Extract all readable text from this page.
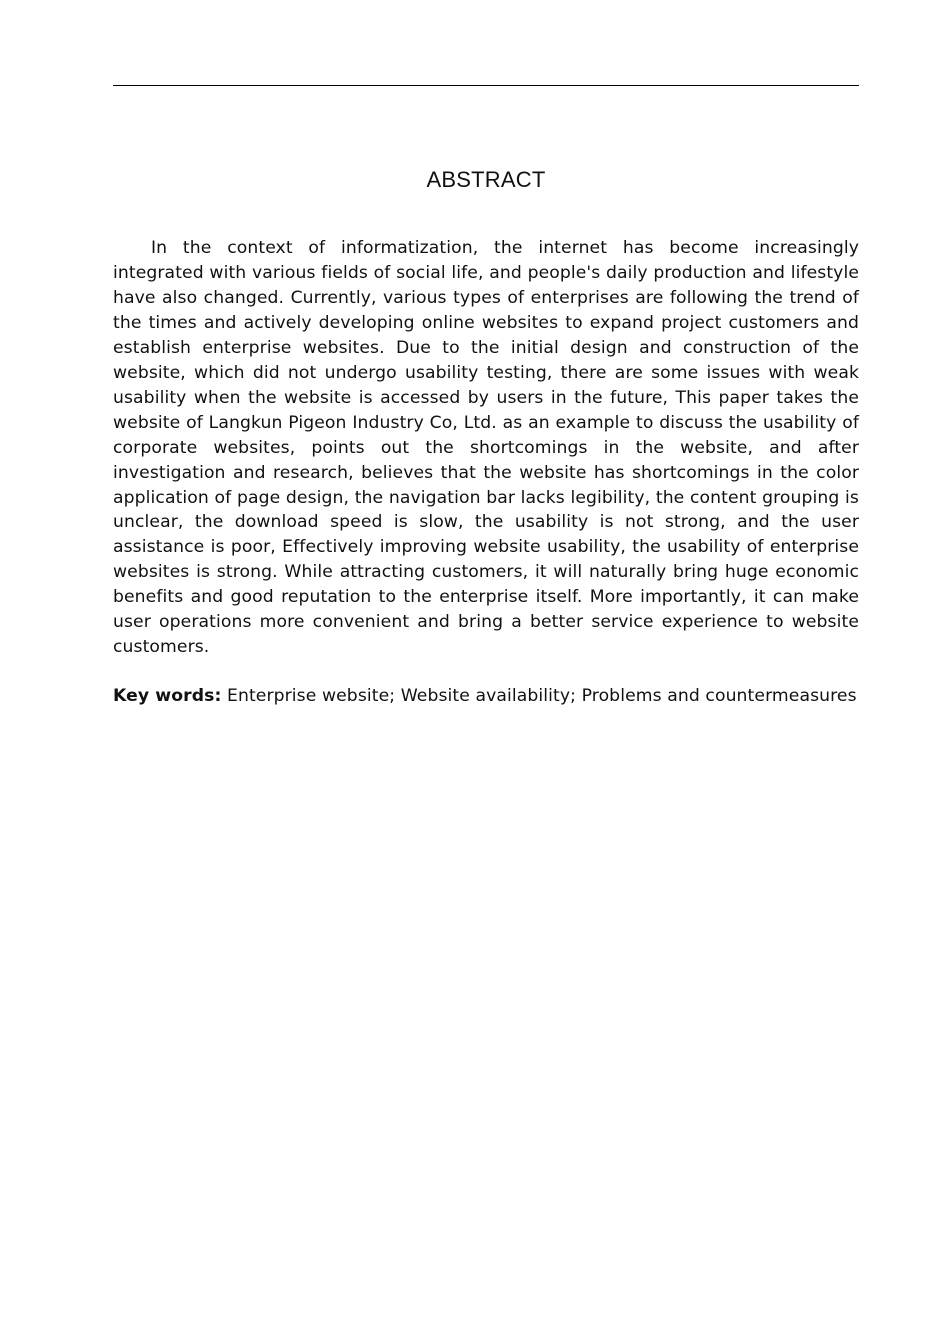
ABSTRACT

In the context of informatization, the internet has become increasingly integrated with various fields of social life, and people's daily production and lifestyle have also changed. Currently, various types of enterprises are following the trend of the times and actively developing online websites to expand project customers and establish enterprise websites. Due to the initial design and construction of the website, which did not undergo usability testing, there are some issues with weak usability when the website is accessed by users in the future, This paper takes the website of Langkun Pigeon Industry Co, Ltd. as an example to discuss the usability of corporate websites, points out the shortcomings in the website, and after investigation and research, believes that the website has shortcomings in the color application of page design, the navigation bar lacks legibility, the content grouping is unclear, the download speed is slow, the usability is not strong, and the user assistance is poor, Effectively improving website usability, the usability of enterprise websites is strong. While attracting customers, it will naturally bring huge economic benefits and good reputation to the enterprise itself. More importantly, it can make user operations more convenient and bring a better service experience to website customers.

Key words: Enterprise website; Website availability; Problems and countermeasures
